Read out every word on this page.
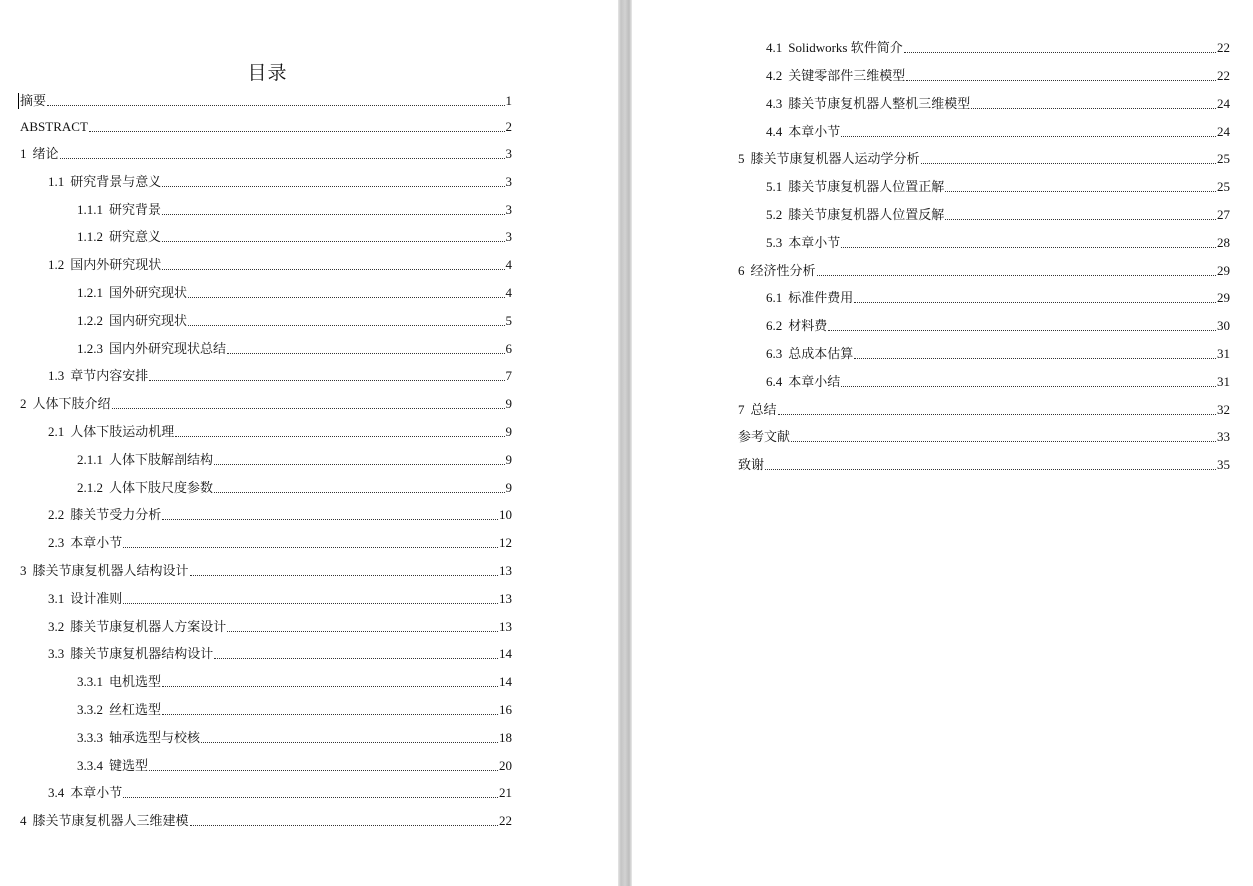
目录
摘要	1
ABSTRACT	2
1 绪论	3
1.1 研究背景与意义	3
1.1.1 研究背景	3
1.1.2 研究意义	3
1.2 国内外研究现状	4
1.2.1 国外研究现状	4
1.2.2 国内研究现状	5
1.2.3 国内外研究现状总结	6
1.3 章节内容安排	7
2 人体下肢介绍	9
2.1 人体下肢运动机理	9
2.1.1 人体下肢解剖结构	9
2.1.2 人体下肢尺度参数	9
2.2 膝关节受力分析	10
2.3 本章小节	12
3 膝关节康复机器人结构设计	13
3.1 设计准则	13
3.2 膝关节康复机器人方案设计	13
3.3 膝关节康复机器结构设计	14
3.3.1 电机选型	14
3.3.2 丝杠选型	16
3.3.3 轴承选型与校核	18
3.3.4 键选型	20
3.4 本章小节	21
4 膝关节康复机器人三维建模	22
4.1 Solidworks 软件简介	22
4.2 关键零部件三维模型	22
4.3 膝关节康复机器人整机三维模型	24
4.4 本章小节	24
5 膝关节康复机器人运动学分析	25
5.1 膝关节康复机器人位置正解	25
5.2 膝关节康复机器人位置反解	27
5.3 本章小节	28
6 经济性分析	29
6.1 标准件费用	29
6.2 材料费	30
6.3 总成本估算	31
6.4 本章小结	31
7 总结	32
参考文献	33
致谢	35
